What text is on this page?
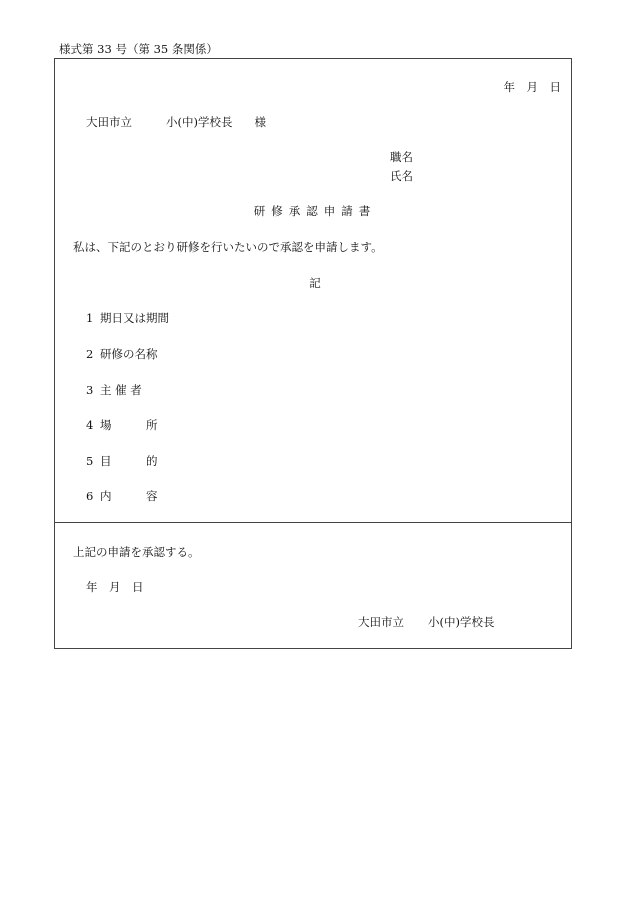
様式第 33 号（第 35 条関係）
年　月　日
大田市立	小(中)学校長 様
職名
氏名
研修承認申請書
私は、下記のとおり研修を行いたいので承認を申請します。
記
1 期日又は期間
2 研修の名称
3 主 催 者
4 場　　　所
5 目　　　的
6 内　　　容
上記の申請を承認する。
年　月　日
大田市立 小(中)学校長
